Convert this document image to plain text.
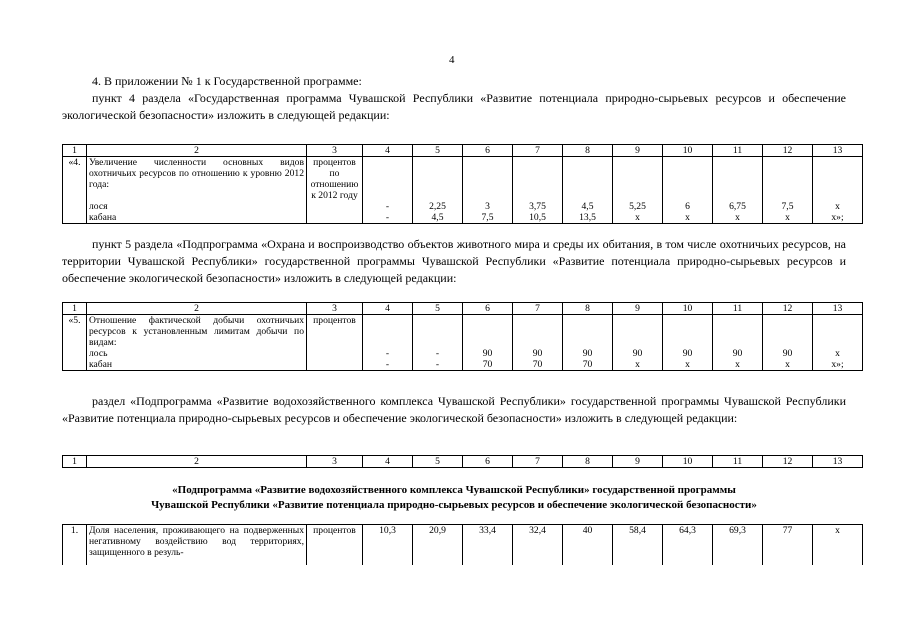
4
4. В приложении № 1 к Государственной программе:
пункт 4 раздела «Государственная программа Чувашской Республики «Развитие потенциала природно-сырьевых ресурсов и обеспечение экологической безопасности» изложить в следующей редакции:
1	2	3	4	5	6	7	8	9	10	11	12	13
«4.	Увеличение численности основных видов охотничьих ресурсов по отношению к уровню 2012 года:	процентов по отношению к 2012 году										
	лося		-	2,25	3	3,75	4,5	5,25	6	6,75	7,5	х
	кабана		-	4,5	7,5	10,5	13,5	х	х	х	х	х»;
пункт 5 раздела «Подпрограмма «Охрана и воспроизводство объектов животного мира и среды их обитания, в том числе охотничьих ресурсов, на территории Чувашской Республики» государственной программы Чувашской Республики «Развитие потенциала природно-сырьевых ресурсов и обеспечение экологической безопасности» изложить в следующей редакции:
1	2	3	4	5	6	7	8	9	10	11	12	13
«5.	Отношение фактической добычи охотничьих ресурсов к установленным лимитам добычи по видам:	процентов										
	лось		-	-	90	90	90	90	90	90	90	х
	кабан		-	-	70	70	70	х	х	х	х	х»;
раздел «Подпрограмма «Развитие водохозяйственного комплекса Чувашской Республики» государственной программы Чувашской Республики «Развитие потенциала природно-сырьевых ресурсов и обеспечение экологической безопасности» изложить в следующей редакции:
1	2	3	4	5	6	7	8	9	10	11	12	13
«Подпрограмма «Развитие водохозяйственного комплекса Чувашской Республики» государственной программы
Чувашской Республики «Развитие потенциала природно-сырьевых ресурсов и обеспечение экологической безопасности»
1.	Доля населения, проживающего на подверженных негативному воздействию вод территориях, защищенного в резуль-	процентов	10,3	20,9	33,4	32,4	40	58,4	64,3	69,3	77	х
